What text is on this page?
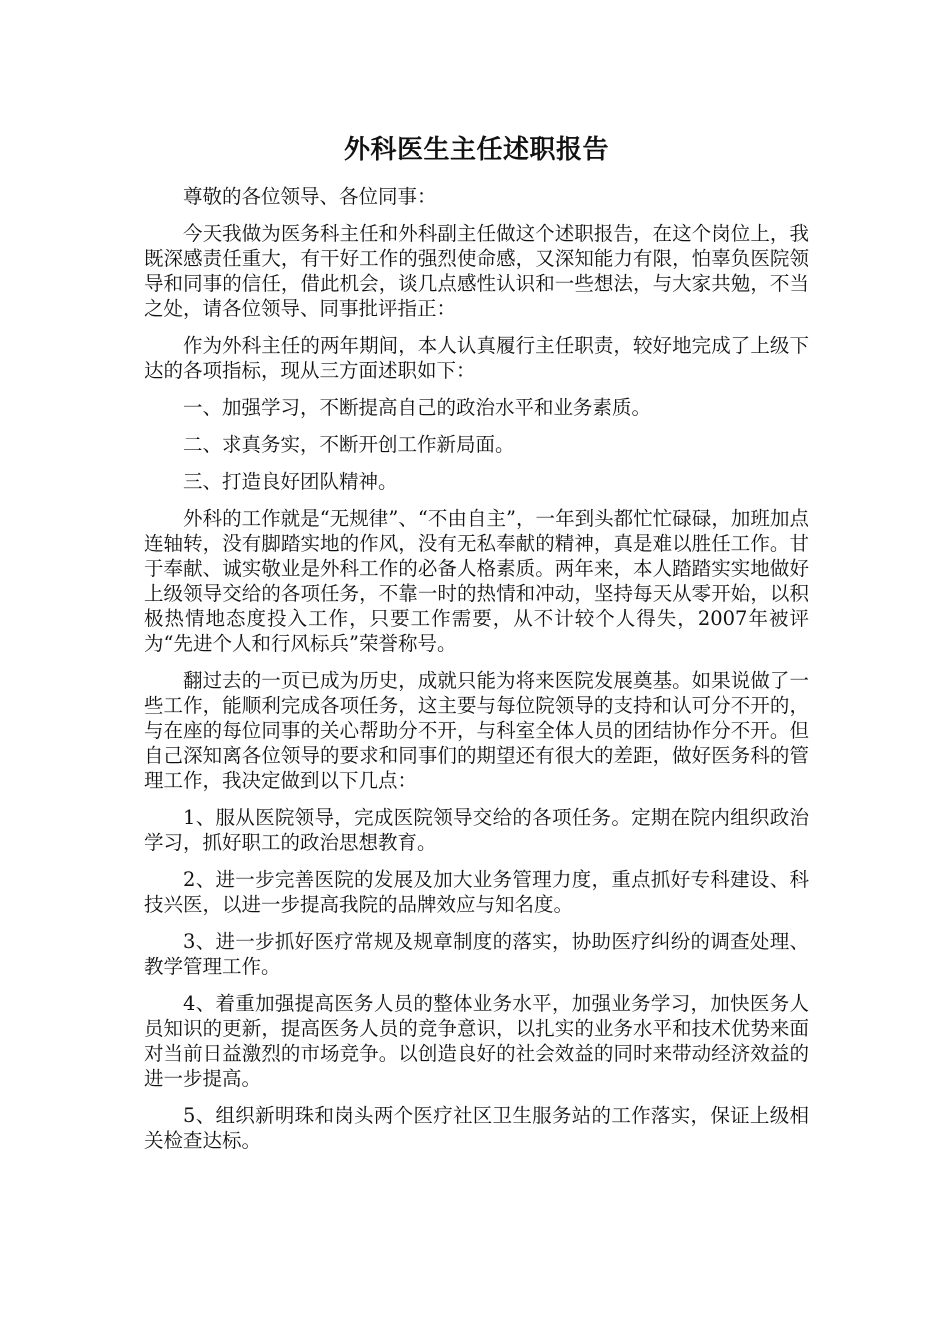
外科医生主任述职报告

尊敬的各位领导、各位同事：

今天我做为医务科主任和外科副主任做这个述职报告，在这个岗位上，我既深感责任重大，有干好工作的强烈使命感，又深知能力有限，怕辜负医院领导和同事的信任，借此机会，谈几点感性认识和一些想法，与大家共勉，不当之处，请各位领导、同事批评指正：

作为外科主任的两年期间，本人认真履行主任职责，较好地完成了上级下达的各项指标，现从三方面述职如下：

一、加强学习，不断提高自己的政治水平和业务素质。

二、求真务实，不断开创工作新局面。

三、打造良好团队精神。

外科的工作就是“无规律”、“不由自主”，一年到头都忙忙碌碌，加班加点连轴转，没有脚踏实地的作风，没有无私奉献的精神，真是难以胜任工作。甘于奉献、诚实敬业是外科工作的必备人格素质。两年来，本人踏踏实实地做好上级领导交给的各项任务，不靠一时的热情和冲动，坚持每天从零开始，以积极热情地态度投入工作，只要工作需要，从不计较个人得失，2007年被评为“先进个人和行风标兵”荣誉称号。

翻过去的一页已成为历史，成就只能为将来医院发展奠基。如果说做了一些工作，能顺利完成各项任务，这主要与每位院领导的支持和认可分不开的，与在座的每位同事的关心帮助分不开，与科室全体人员的团结协作分不开。但自己深知离各位领导的要求和同事们的期望还有很大的差距，做好医务科的管理工作，我决定做到以下几点：

1、服从医院领导，完成医院领导交给的各项任务。定期在院内组织政治学习，抓好职工的政治思想教育。

2、进一步完善医院的发展及加大业务管理力度，重点抓好专科建设、科技兴医，以进一步提高我院的品牌效应与知名度。

3、进一步抓好医疗常规及规章制度的落实，协助医疗纠纷的调查处理、教学管理工作。

4、着重加强提高医务人员的整体业务水平，加强业务学习，加快医务人员知识的更新，提高医务人员的竞争意识，以扎实的业务水平和技术优势来面对当前日益激烈的市场竞争。以创造良好的社会效益的同时来带动经济效益的进一步提高。

5、组织新明珠和岗头两个医疗社区卫生服务站的工作落实，保证上级相关检查达标。
